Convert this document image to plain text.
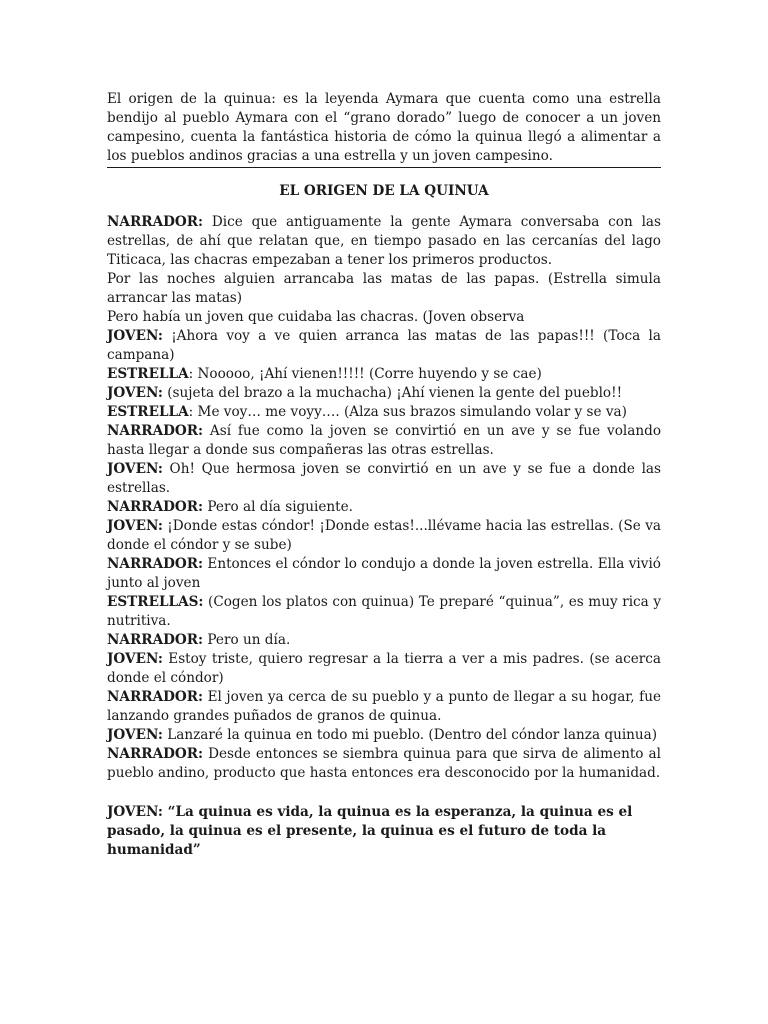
El origen de la quinua: es la leyenda Aymara que cuenta como una estrella bendijo al pueblo Aymara con el “grano dorado” luego de conocer a un joven campesino, cuenta la fantástica historia de cómo la quinua llegó a alimentar a los pueblos andinos gracias a una estrella y un joven campesino.

EL ORIGEN DE LA QUINUA

NARRADOR: Dice que antiguamente la gente Aymara conversaba con las estrellas, de ahí que relatan que, en tiempo pasado en las cercanías del lago Titicaca, las chacras empezaban a tener los primeros productos.

Por las noches alguien arrancaba las matas de las papas. (Estrella simula arrancar las matas)

Pero había un joven que cuidaba las chacras. (Joven observa

JOVEN: ¡Ahora voy a ve quien arranca las matas de las papas!!! (Toca la campana)

ESTRELLA: Nooooo, ¡Ahí vienen!!!!! (Corre huyendo y se cae)

JOVEN: (sujeta del brazo a la muchacha) ¡Ahí vienen la gente del pueblo!!

ESTRELLA: Me voy… me voyy…. (Alza sus brazos simulando volar y se va)

NARRADOR: Así fue como la joven se convirtió en un ave y se fue volando hasta llegar a donde sus compañeras las otras estrellas.

JOVEN: Oh! Que hermosa joven se convirtió en un ave y se fue a donde las estrellas.

NARRADOR: Pero al día siguiente.

JOVEN: ¡Donde estas cóndor! ¡Donde estas!...llévame hacia las estrellas. (Se va donde el cóndor y se sube)

NARRADOR: Entonces el cóndor lo condujo a donde la joven estrella. Ella vivió junto al joven

ESTRELLAS: (Cogen los platos con quinua) Te preparé “quinua”, es muy rica y nutritiva.

NARRADOR: Pero un día.

JOVEN: Estoy triste, quiero regresar a la tierra a ver a mis padres. (se acerca donde el cóndor)

NARRADOR: El joven ya cerca de su pueblo y a punto de llegar a su hogar, fue lanzando grandes puñados de granos de quinua.

JOVEN: Lanzaré la quinua en todo mi pueblo. (Dentro del cóndor lanza quinua)

NARRADOR: Desde entonces se siembra quinua para que sirva de alimento al pueblo andino, producto que hasta entonces era desconocido por la humanidad.

JOVEN: “La quinua es vida, la quinua es la esperanza, la quinua es el pasado, la quinua es el presente, la quinua es el futuro de toda la humanidad”
